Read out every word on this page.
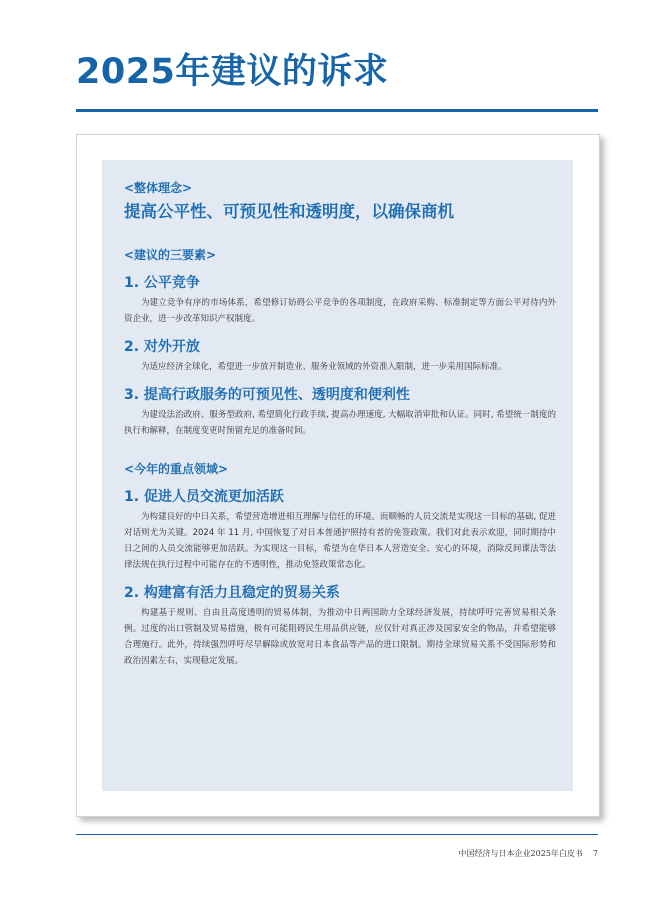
2025年建议的诉求

<整体理念>

提高公平性、可预见性和透明度，以确保商机

<建议的三要素>

1. 公平竞争

为建立竞争有序的市场体系，希望修订妨碍公平竞争的各项制度，在政府采购、标准制定等方面公平对待内外资企业，进一步改革知识产权制度。

2. 对外开放

为适应经济全球化，希望进一步放开制造业、服务业领域的外资准入限制，进一步采用国际标准。

3. 提高行政服务的可预见性、透明度和便利性

为建设法治政府、服务型政府, 希望简化行政手续, 提高办理速度, 大幅取消审批和认证。同时, 希望统一制度的执行和解释，在制度变更时预留充足的准备时间。

<今年的重点领域>

1. 促进人员交流更加活跃

为构建良好的中日关系，希望营造增进相互理解与信任的环境。而顺畅的人员交流是实现这一目标的基础, 促进对话则尤为关键。2024 年 11 月, 中国恢复了对日本普通护照持有者的免签政策。我们对此表示欢迎，同时期待中日之间的人员交流能够更加活跃。为实现这一目标，希望为在华日本人营造安全、安心的环境，消除反间谍法等法律法规在执行过程中可能存在的不透明性，推动免签政策常态化。

2. 构建富有活力且稳定的贸易关系

构建基于规则、自由且高度透明的贸易体制，为推动中日两国助力全球经济发展，持续呼吁完善贸易相关条例。过度的出口管制及贸易措施，极有可能阻碍民生用品供应链，应仅针对真正涉及国家安全的物品，并希望能够合理施行。此外，持续强烈呼吁尽早解除或放宽对日本食品等产品的进口限制。期待全球贸易关系不受国际形势和政治因素左右，实现稳定发展。

中国经济与日本企业2025年白皮书 7
